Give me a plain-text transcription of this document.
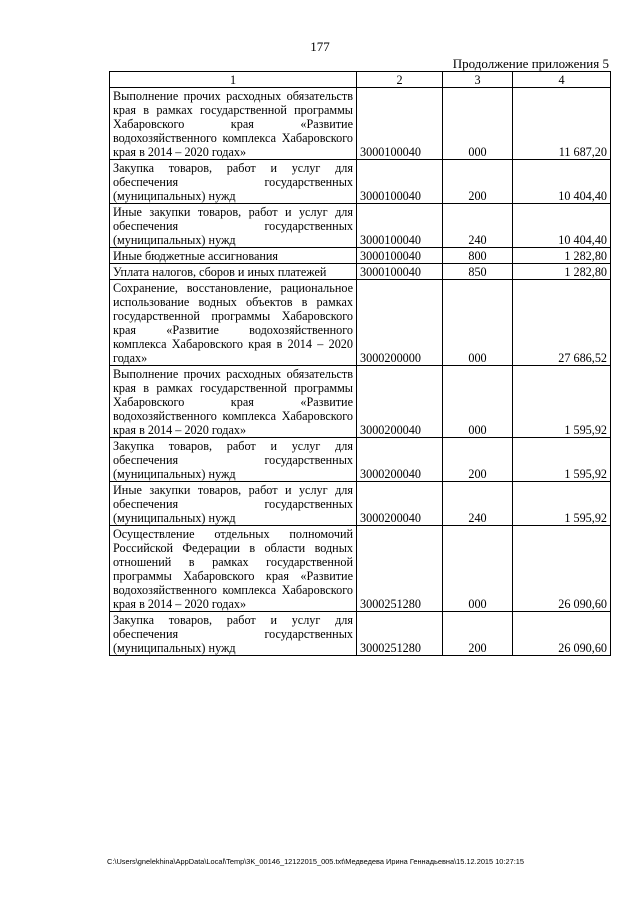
177
Продолжение приложения 5
1	2	3	4
Выполнение прочих расходных обязательств края в рамках государственной программы Хабаровского края «Развитие водохозяйственного комплекса Хабаровского края в 2014 – 2020 годах»	3000100040	000	11 687,20
Закупка товаров, работ и услуг для обеспечения государственных (муниципальных) нужд	3000100040	200	10 404,40
Иные закупки товаров, работ и услуг для обеспечения государственных (муниципальных) нужд	3000100040	240	10 404,40
Иные бюджетные ассигнования	3000100040	800	1 282,80
Уплата налогов, сборов и иных платежей	3000100040	850	1 282,80
Сохранение, восстановление, рациональное использование водных объектов в рамках государственной программы Хабаровского края «Развитие водохозяйственного комплекса Хабаровского края в 2014 – 2020 годах»	3000200000	000	27 686,52
Выполнение прочих расходных обязательств края в рамках государственной программы Хабаровского края «Развитие водохозяйственного комплекса Хабаровского края в 2014 – 2020 годах»	3000200040	000	1 595,92
Закупка товаров, работ и услуг для обеспечения государственных (муниципальных) нужд	3000200040	200	1 595,92
Иные закупки товаров, работ и услуг для обеспечения государственных (муниципальных) нужд	3000200040	240	1 595,92
Осуществление отдельных полномочий Российской Федерации в области водных отношений в рамках государственной программы Хабаровского края «Развитие водохозяйственного комплекса Хабаровского края в 2014 – 2020 годах»	3000251280	000	26 090,60
Закупка товаров, работ и услуг для обеспечения государственных (муниципальных) нужд	3000251280	200	26 090,60
C:\Users\gnelekhina\AppData\Local\Temp\3K_00146_12122015_005.txt\Медведева Ирина Геннадьевна\15.12.2015 10:27:15
